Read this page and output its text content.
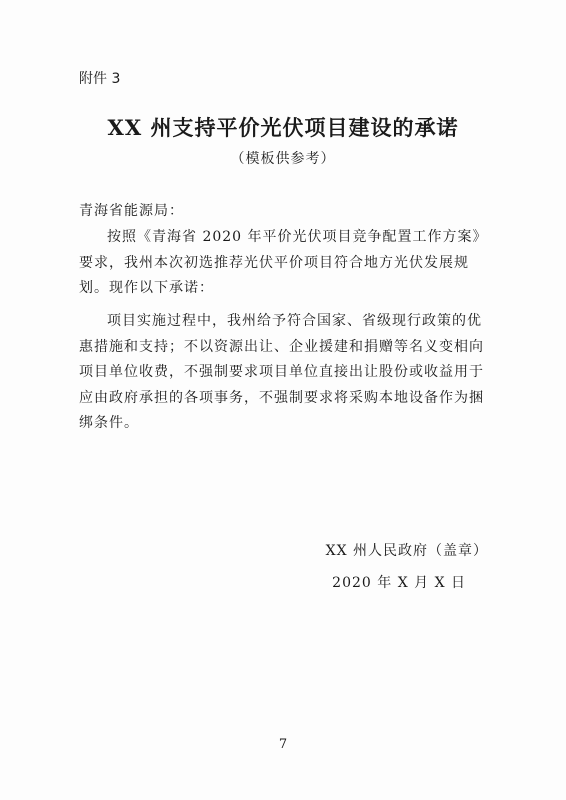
附件 3
XX 州支持平价光伏项目建设的承诺
（模板供参考）
青海省能源局：

按照《青海省 2020 年平价光伏项目竞争配置工作方案》要求，我州本次初选推荐光伏平价项目符合地方光伏发展规划。现作以下承诺：

项目实施过程中，我州给予符合国家、省级现行政策的优惠措施和支持；不以资源出让、企业援建和捐赠等名义变相向项目单位收费，不强制要求项目单位直接出让股份或收益用于应由政府承担的各项事务，不强制要求将采购本地设备作为捆绑条件。

XX 州人民政府（盖章）
2020 年 X 月 X 日
7
